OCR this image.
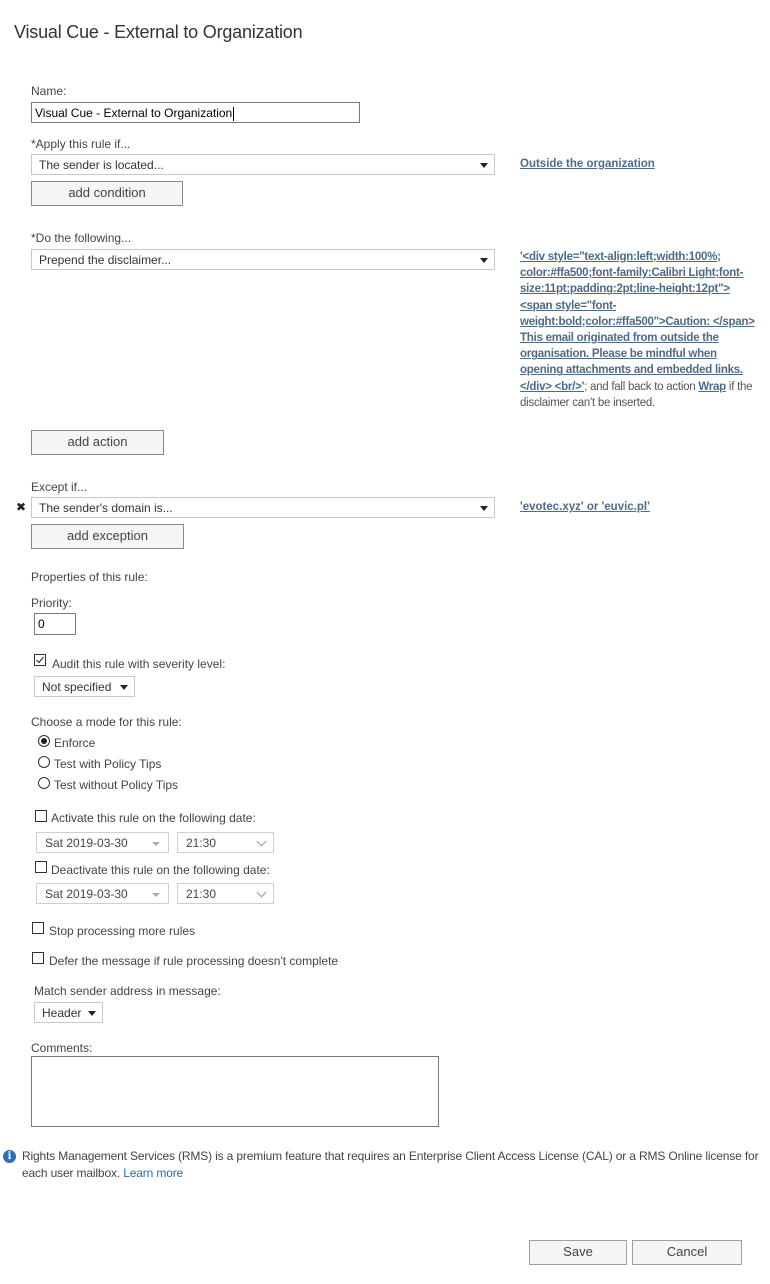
Visual Cue - External to Organization
Name:
Visual Cue - External to Organization
*Apply this rule if...
The sender is located...	Outside the organization
add condition
*Do the following...
Prepend the disclaimer...	'<div style="text-align:left;width:100%; color:#ffa500;font-family:Calibri Light;font-size:11pt;padding:2pt;line-height:12pt"><span style="font-weight:bold;color:#ffa500">Caution: </span> This email originated from outside the organisation. Please be mindful when opening attachments and embedded links. </div> <br/>'; and fall back to action Wrap if the disclaimer can't be inserted.
add action
Except if...
✖	The sender's domain is...	'evotec.xyz' or 'euvic.pl'
add exception
Properties of this rule:
Priority:
0
Audit this rule with severity level:
Not specified
Choose a mode for this rule:
Enforce
Test with Policy Tips
Test without Policy Tips
Activate this rule on the following date:
Sat 2019-03-30	21:30
Deactivate this rule on the following date:
Sat 2019-03-30	21:30
Stop processing more rules
Defer the message if rule processing doesn't complete
Match sender address in message:
Header
Comments:
i Rights Management Services (RMS) is a premium feature that requires an Enterprise Client Access License (CAL) or a RMS Online license for each user mailbox. Learn more
Save	Cancel
